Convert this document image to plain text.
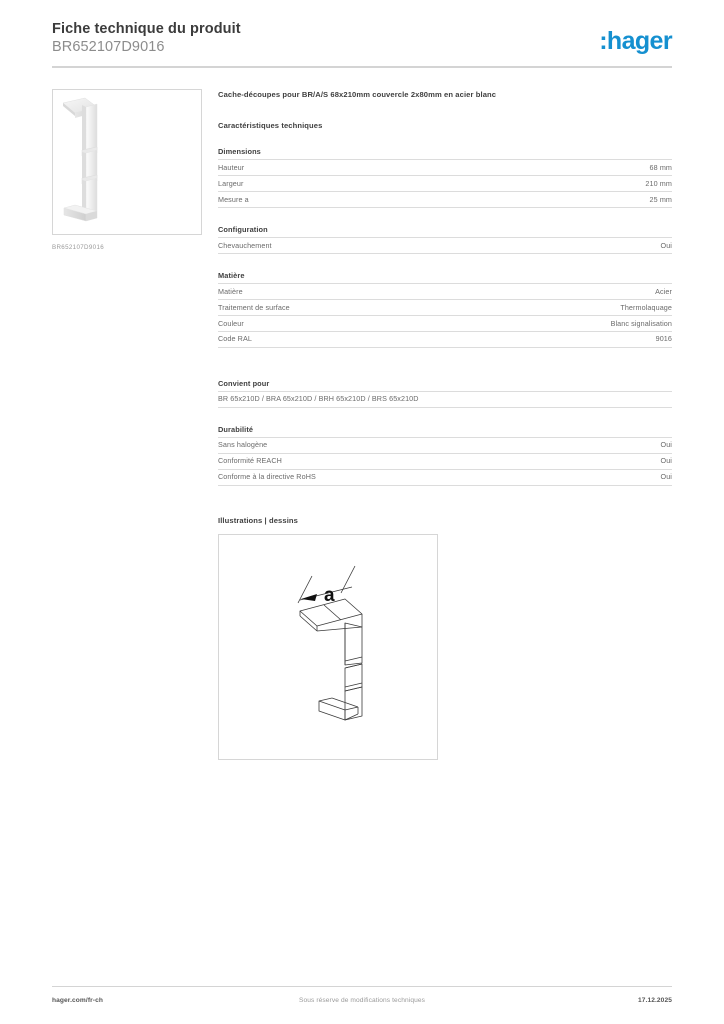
Fiche technique du produit
BR652107D9016	:hager
BR652107D9016
Cache-découpes pour BR/A/S 68x210mm couvercle 2x80mm en acier blanc
Caractéristiques techniques
Dimensions
Hauteur	68 mm
Largeur	210 mm
Mesure a	25 mm
Configuration
Chevauchement	Oui
Matière
Matière	Acier
Traitement de surface	Thermolaquage
Couleur	Blanc signalisation
Code RAL	9016
Convient pour
BR 65x210D / BRA 65x210D / BRH 65x210D / BRS 65x210D
Durabilité
Sans halogène	Oui
Conformité REACH	Oui
Conforme à la directive RoHS	Oui
Illustrations | dessins
a
hager.com/fr-ch	Sous réserve de modifications techniques	17.12.2025
